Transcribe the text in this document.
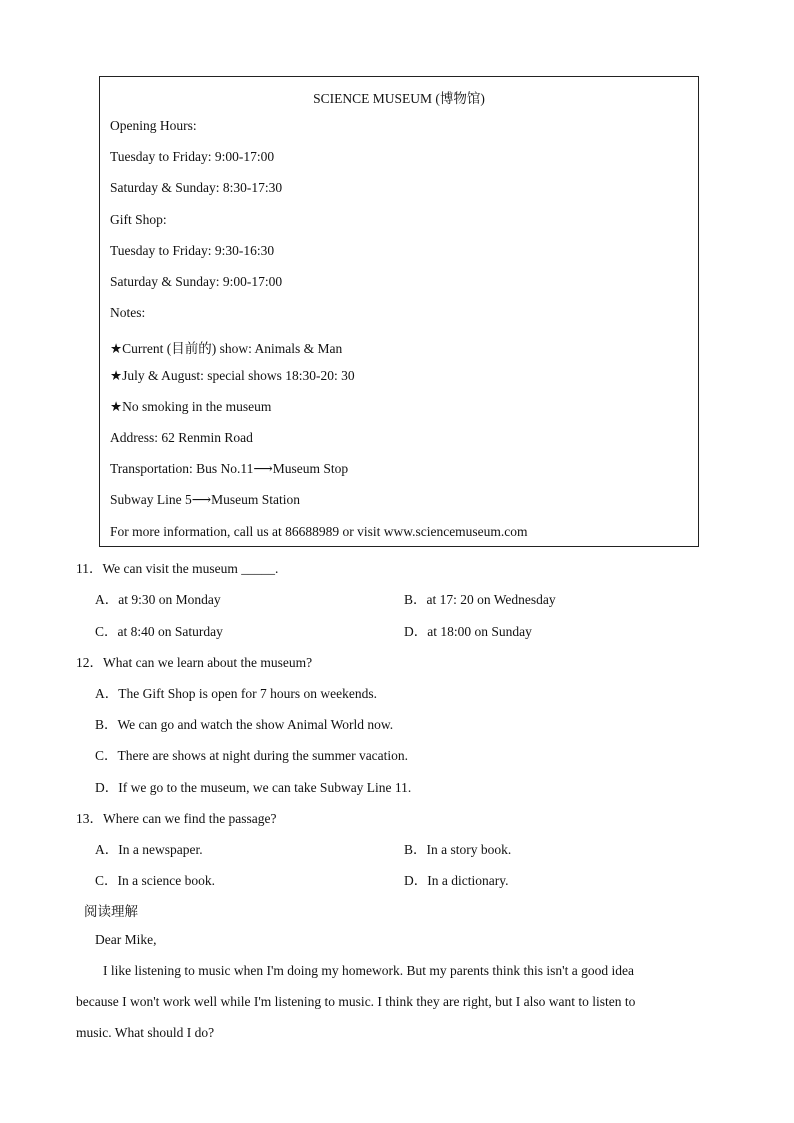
SCIENCE MUSEUM (博物馆)
Opening Hours:
Tuesday to Friday: 9:00-17:00
Saturday & Sunday: 8:30-17:30
Gift Shop:
Tuesday to Friday: 9:30-16:30
Saturday & Sunday: 9:00-17:00
Notes:
★Current (目前的) show: Animals & Man
★July & August: special shows 18:30-20: 30
★No smoking in the museum
Address: 62 Renmin Road
Transportation: Bus No.11⟶Museum Stop
Subway Line 5⟶Museum Station
For more information, call us at 86688989 or visit www.sciencemuseum.com
11．We can visit the museum _____.
A．at 9:30 on Monday	B．at 17: 20 on Wednesday
C．at 8:40 on Saturday	D．at 18:00 on Sunday
12．What can we learn about the museum?
A．The Gift Shop is open for 7 hours on weekends.
B．We can go and watch the show Animal World now.
C．There are shows at night during the summer vacation.
D．If we go to the museum, we can take Subway Line 11.
13．Where can we find the passage?
A．In a newspaper.	B．In a story book.
C．In a science book.	D．In a dictionary.
阅读理解
Dear Mike,
I like listening to music when I'm doing my homework. But my parents think this isn't a good idea
because I won't work well while I'm listening to music. I think they are right, but I also want to listen to
music. What should I do?
